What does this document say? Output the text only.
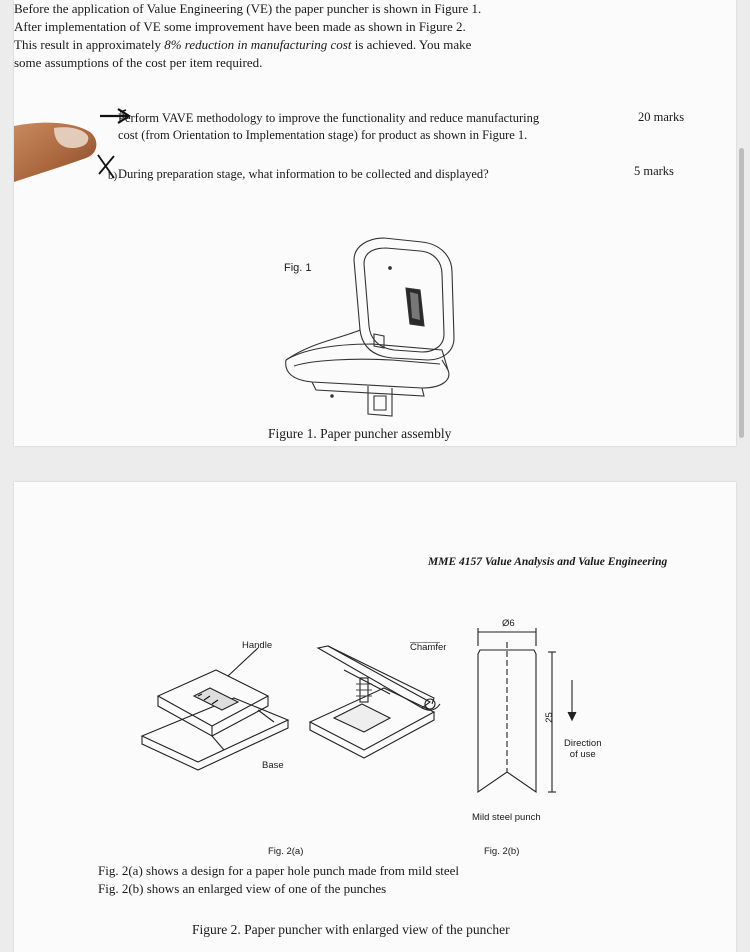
Before the application of Value Engineering (VE) the paper puncher is shown in Figure 1.
After implementation of VE some improvement have been made as shown in Figure 2.
This result in approximately 8% reduction in manufacturing cost is achieved. You make
some assumptions of the cost per item required.
Perform VAVE methodology to improve the functionality and reduce manufacturing
cost (from Orientation to Implementation stage) for product as shown in Figure 1.
20 marks
b) During preparation stage, what information to be collected and displayed?	5 marks
Fig. 1
Figure 1. Paper puncher assembly
MME 4157 Value Analysis and Value Engineering
Handle
Base
Chamfer
Ø6
25
Direction
of use
Mild steel punch
Fig. 2(a)	Fig. 2(b)
Fig. 2(a) shows a design for a paper hole punch made from mild steel
Fig. 2(b) shows an enlarged view of one of the punches
Figure 2. Paper puncher with enlarged view of the puncher
